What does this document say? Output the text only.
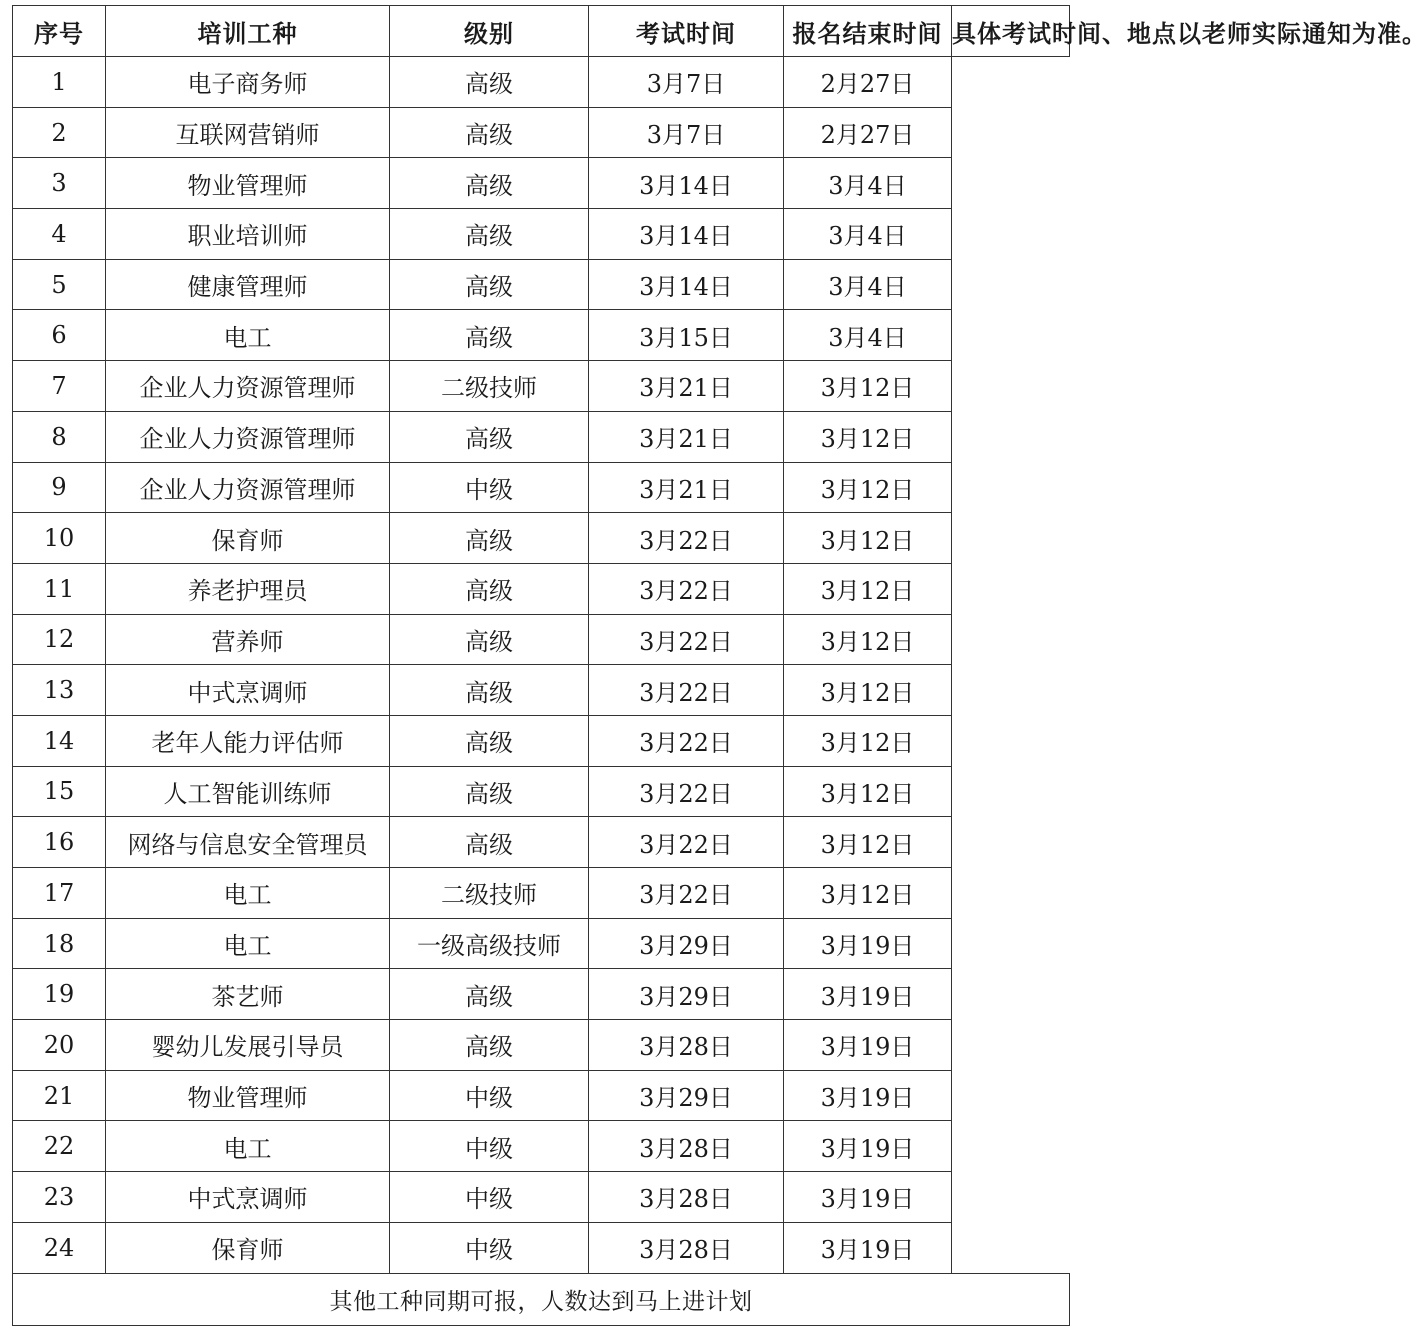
序号	培训工种	级别	考试时间	报名结束时间	具体考试时间、地点以老师实际通知为准。
1	电子商务师	高级	3月7日	2月27日	
2	互联网营销师	高级	3月7日	2月27日	
3	物业管理师	高级	3月14日	3月4日	
4	职业培训师	高级	3月14日	3月4日	
5	健康管理师	高级	3月14日	3月4日	
6	电工	高级	3月15日	3月4日	
7	企业人力资源管理师	二级技师	3月21日	3月12日	
8	企业人力资源管理师	高级	3月21日	3月12日	
9	企业人力资源管理师	中级	3月21日	3月12日	
10	保育师	高级	3月22日	3月12日	
11	养老护理员	高级	3月22日	3月12日	
12	营养师	高级	3月22日	3月12日	
13	中式烹调师	高级	3月22日	3月12日	
14	老年人能力评估师	高级	3月22日	3月12日	
15	人工智能训练师	高级	3月22日	3月12日	
16	网络与信息安全管理员	高级	3月22日	3月12日	
17	电工	二级技师	3月22日	3月12日	
18	电工	一级高级技师	3月29日	3月19日	
19	茶艺师	高级	3月29日	3月19日	
20	婴幼儿发展引导员	高级	3月28日	3月19日	
21	物业管理师	中级	3月29日	3月19日	
22	电工	中级	3月28日	3月19日	
23	中式烹调师	中级	3月28日	3月19日	
24	保育师	中级	3月28日	3月19日	
其他工种同期可报，人数达到马上进计划					
